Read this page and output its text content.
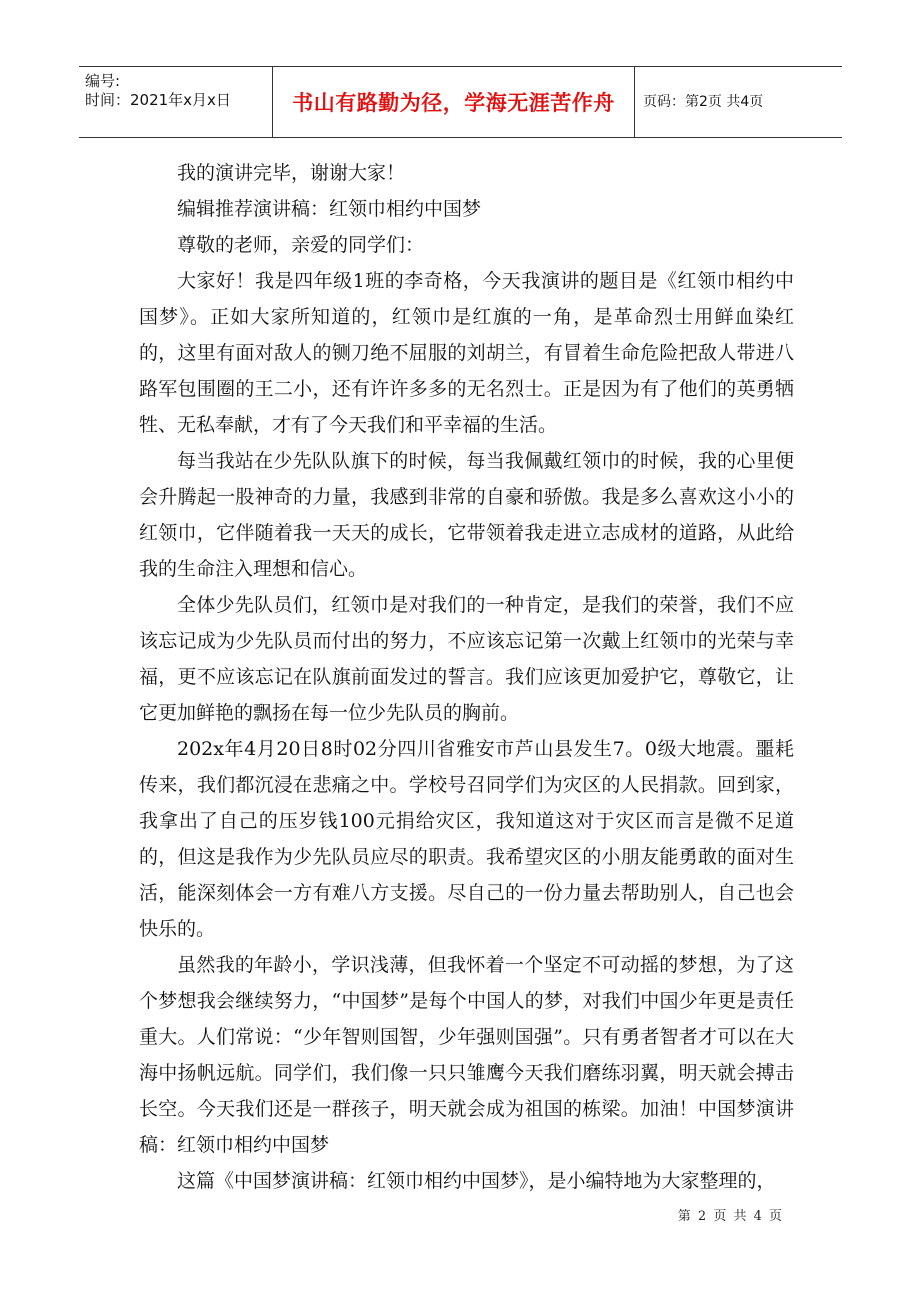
编号:
时间：2021年x月x日	书山有路勤为径，学海无涯苦作舟	页码：第2页 共4页

我的演讲完毕，谢谢大家！

编辑推荐演讲稿：红领巾相约中国梦

尊敬的老师，亲爱的同学们：

大家好！我是四年级1班的李奇格，今天我演讲的题目是《红领巾相约中国梦》。正如大家所知道的，红领巾是红旗的一角，是革命烈士用鲜血染红的，这里有面对敌人的铡刀绝不屈服的刘胡兰，有冒着生命危险把敌人带进八路军包围圈的王二小，还有许许多多的无名烈士。正是因为有了他们的英勇牺牲、无私奉献，才有了今天我们和平幸福的生活。

每当我站在少先队队旗下的时候，每当我佩戴红领巾的时候，我的心里便会升腾起一股神奇的力量，我感到非常的自豪和骄傲。我是多么喜欢这小小的红领巾，它伴随着我一天天的成长，它带领着我走进立志成材的道路，从此给我的生命注入理想和信心。

全体少先队员们，红领巾是对我们的一种肯定，是我们的荣誉，我们不应该忘记成为少先队员而付出的努力，不应该忘记第一次戴上红领巾的光荣与幸福，更不应该忘记在队旗前面发过的誓言。我们应该更加爱护它，尊敬它，让它更加鲜艳的飘扬在每一位少先队员的胸前。

202x年4月20日8时02分四川省雅安市芦山县发生7。0级大地震。噩耗传来，我们都沉浸在悲痛之中。学校号召同学们为灾区的人民捐款。回到家，我拿出了自己的压岁钱100元捐给灾区，我知道这对于灾区而言是微不足道的，但这是我作为少先队员应尽的职责。我希望灾区的小朋友能勇敢的面对生活，能深刻体会一方有难八方支援。尽自己的一份力量去帮助别人，自己也会快乐的。

虽然我的年龄小，学识浅薄，但我怀着一个坚定不可动摇的梦想，为了这个梦想我会继续努力，“中国梦”是每个中国人的梦，对我们中国少年更是责任重大。人们常说：“少年智则国智，少年强则国强”。只有勇者智者才可以在大海中扬帆远航。同学们，我们像一只只雏鹰今天我们磨练羽翼，明天就会搏击长空。今天我们还是一群孩子，明天就会成为祖国的栋梁。加油！中国梦演讲稿：红领巾相约中国梦

这篇《中国梦演讲稿：红领巾相约中国梦》，是小编特地为大家整理的，

第 2 页 共 4 页
